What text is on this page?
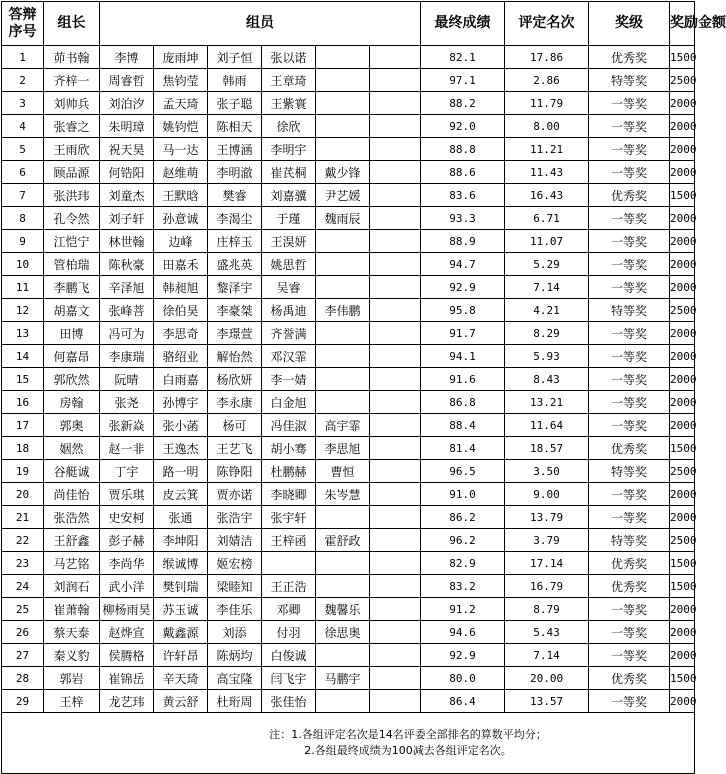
答辩
序号	组长	组员						最终成绩	评定名次	奖级	奖励金额
1	茆书翰	李博	庞雨坤	刘子恒	张以诺			82.1	17.86	优秀奖	1500
2	齐梓一	周睿哲	焦钧莹	韩雨	王章琦			97.1	2.86	特等奖	2500
3	刘帅兵	刘泊汐	孟天琦	张子聪	王紫寰			88.2	11.79	一等奖	2000
4	张睿之	朱明璋	姚钧恺	陈相天	徐欣			92.0	8.00	一等奖	2000
5	王雨欣	祝天昊	马一达	王博涵	李明宇			88.8	11.21	一等奖	2000
6	顾品源	何锆阳	赵维萌	李明澈	崔芪桐	戴少锋		88.6	11.43	一等奖	2000
7	张洪玮	刘童杰	王默晗	樊睿	刘嘉骥	尹艺媛		83.6	16.43	优秀奖	1500
8	孔令然	刘子轩	孙意诚	李渴尘	于瑾	魏雨辰		93.3	6.71	一等奖	2000
9	江恺宁	林世翰	边峰	庄梓玉	王淏妍			88.9	11.07	一等奖	2000
10	管柏瑞	陈秋豪	田嘉禾	盛兆英	姚思哲			94.7	5.29	一等奖	2000
11	李鹏飞	辛泽旭	韩昶旭	黎泽宇	吴睿			92.9	7.14	一等奖	2000
12	胡嘉文	张峰菩	徐伯昊	李豪桀	杨禹迪	李伟鹏		95.8	4.21	特等奖	2500
13	田博	冯可为	李思奇	李璟萱	齐誉满			91.7	8.29	一等奖	2000
14	何嘉昂	李康瑞	骆绍业	解怡然	邓汉霏			94.1	5.93	一等奖	2000
15	郭欣然	阮晴	白雨嘉	杨欣妍	李一婧			91.6	8.43	一等奖	2000
16	房翰	张尧	孙博宇	李永康	白金旭			86.8	13.21	一等奖	2000
17	郭奥	张新焱	张小菡	杨可	冯佳淑	高宇霏		88.4	11.64	一等奖	2000
18	姻然	赵一非	王逸杰	王艺飞	胡小骞	李思旭		81.4	18.57	优秀奖	1500
19	谷艇诚	丁宇	路一明	陈铮阳	杜鹏赫	曹恒		96.5	3.50	特等奖	2500
20	尚佳怡	贾乐琪	皮云箕	贾亦诺	李晓卿	朱岑慧		91.0	9.00	一等奖	2000
21	张浩然	史安柯	张通	张浩宇	张宇轩			86.2	13.79	一等奖	2000
22	王舒鑫	彭子赫	李坤阳	刘婧洁	王梓函	霍舒政		96.2	3.79	特等奖	2500
23	马艺铭	李尚华	缑诚博	姬宏榜				82.9	17.14	优秀奖	1500
24	刘润石	武小洋	樊钊瑞	梁睦知	王正浩			83.2	16.79	优秀奖	1500
25	崔萧翰	柳杨雨昊	苏玉诚	李佳乐	邓卿	魏馨乐		91.2	8.79	一等奖	2000
26	蔡天泰	赵烨宣	戴鑫源	刘添	付羽	徐思奥		94.6	5.43	一等奖	2000
27	秦义豹	侯腾格	许轩昂	陈炳均	白俊诚			92.9	7.14	一等奖	2000
28	郭岩	崔锦岳	辛天琦	高宝隆	闫飞宇	马鹏宇		80.0	20.00	优秀奖	1500
29	王梓	龙艺玮	黄云舒	杜珩周	张佳怡			86.4	13.57	一等奖	2000

注：1.各组评定名次是14名评委全部排名的算数平均分；
2.各组最终成绩为100减去各组评定名次。											
